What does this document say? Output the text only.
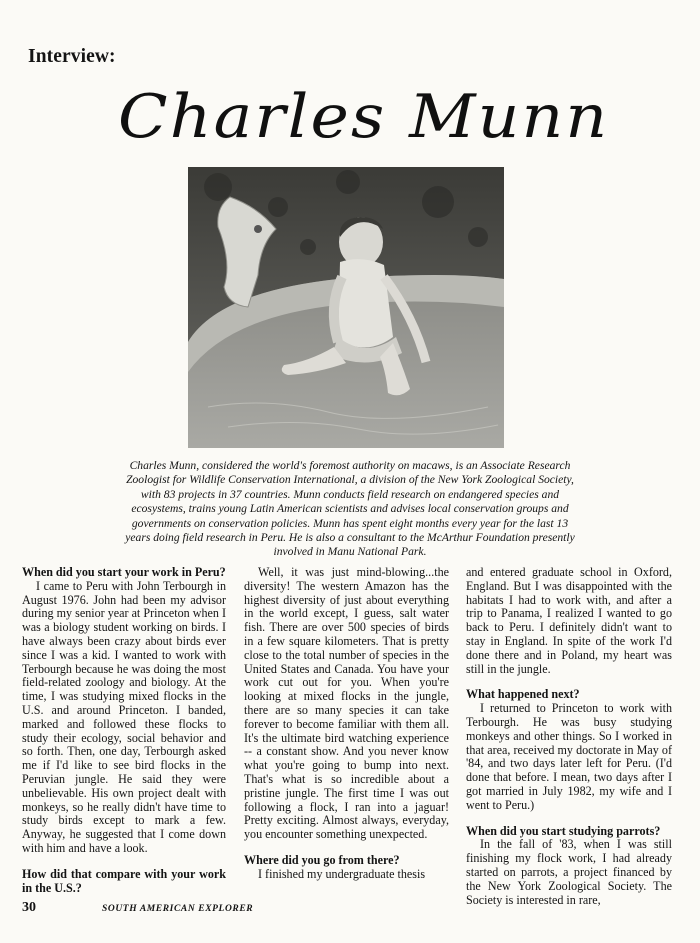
Interview:
Charles Munn
Charles Munn, considered the world's foremost authority on macaws, is an Associate Research Zoologist for Wildlife Conservation International, a division of the New York Zoological Society, with 83 projects in 37 countries. Munn conducts field research on endangered species and ecosystems, trains young Latin American scientists and advises local conservation groups and governments on conservation policies. Munn has spent eight months every year for the last 13 years doing field research in Peru. He is also a consultant to the McArthur Foundation presently involved in Manu National Park.

When did you start your work in Peru?

I came to Peru with John Terbourgh in August 1976. John had been my advisor during my senior year at Princeton when I was a biology student working on birds. I have always been crazy about birds ever since I was a kid. I wanted to work with Terbourgh because he was doing the most field-related zoology and biology. At the time, I was studying mixed flocks in the U.S. and around Princeton. I banded, marked and followed these flocks to study their ecology, social behavior and so forth. Then, one day, Terbourgh asked me if I'd like to see bird flocks in the Peruvian jungle. He said they were unbelievable. His own project dealt with monkeys, so he really didn't have time to study birds except to mark a few. Anyway, he suggested that I come down with him and have a look.

How did that compare with your work in the U.S.?

Well, it was just mind-blowing...the diversity! The western Amazon has the highest diversity of just about everything in the world except, I guess, salt water fish. There are over 500 species of birds in a few square kilometers. That is pretty close to the total number of species in the United States and Canada. You have your work cut out for you. When you're looking at mixed flocks in the jungle, there are so many species it can take forever to become familiar with them all. It's the ultimate bird watching experience -- a constant show. And you never know what you're going to bump into next. That's what is so incredible about a pristine jungle. The first time I was out following a flock, I ran into a jaguar! Pretty exciting. Almost always, everyday, you encounter something unexpected.

Where did you go from there?

I finished my undergraduate thesis

and entered graduate school in Oxford, England. But I was disappointed with the habitats I had to work with, and after a trip to Panama, I realized I wanted to go back to Peru. I definitely didn't want to stay in England. In spite of the work I'd done there and in Poland, my heart was still in the jungle.

What happened next?

I returned to Princeton to work with Terbourgh. He was busy studying monkeys and other things. So I worked in that area, received my doctorate in May of '84, and two days later left for Peru. (I'd done that before. I mean, two days after I got married in July 1982, my wife and I went to Peru.)

When did you start studying parrots?

In the fall of '83, when I was still finishing my flock work, I had already started on parrots, a project financed by the New York Zoological Society. The Society is interested in rare,

30	SOUTH AMERICAN EXPLORER
